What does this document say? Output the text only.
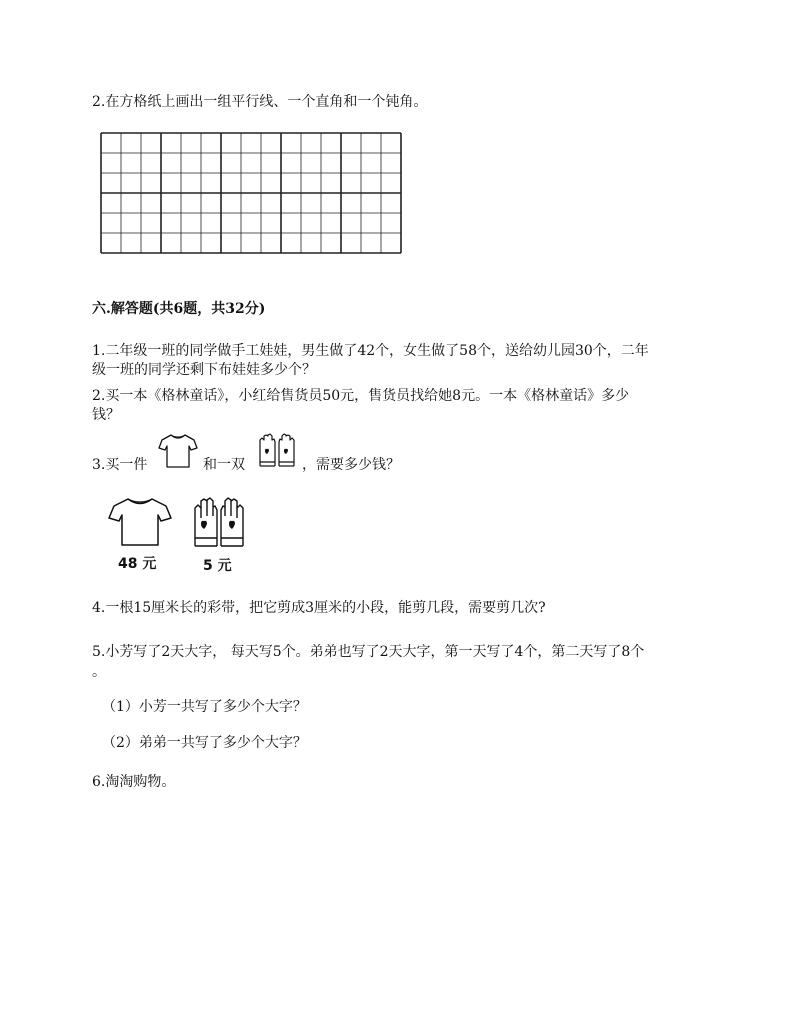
2.在方格纸上画出一组平行线、一个直角和一个钝角。
六.解答题(共6题，共32分)
1.二年级一班的同学做手工娃娃，男生做了42个，女生做了58个，送给幼儿园30个，二年
级一班的同学还剩下布娃娃多少个？
2.买一本《格林童话》，小红给售货员50元，售货员找给她8元。一本《格林童话》多少
钱？
3.买一件	和一双	，需要多少钱？
48 元	5 元
4.一根15厘米长的彩带，把它剪成3厘米的小段，能剪几段，需要剪几次?
5.小芳写了2天大字， 每天写5个。弟弟也写了2天大字，第一天写了4个，第二天写了8个
。
（1）小芳一共写了多少个大字？
（2）弟弟一共写了多少个大字？
6.淘淘购物。
